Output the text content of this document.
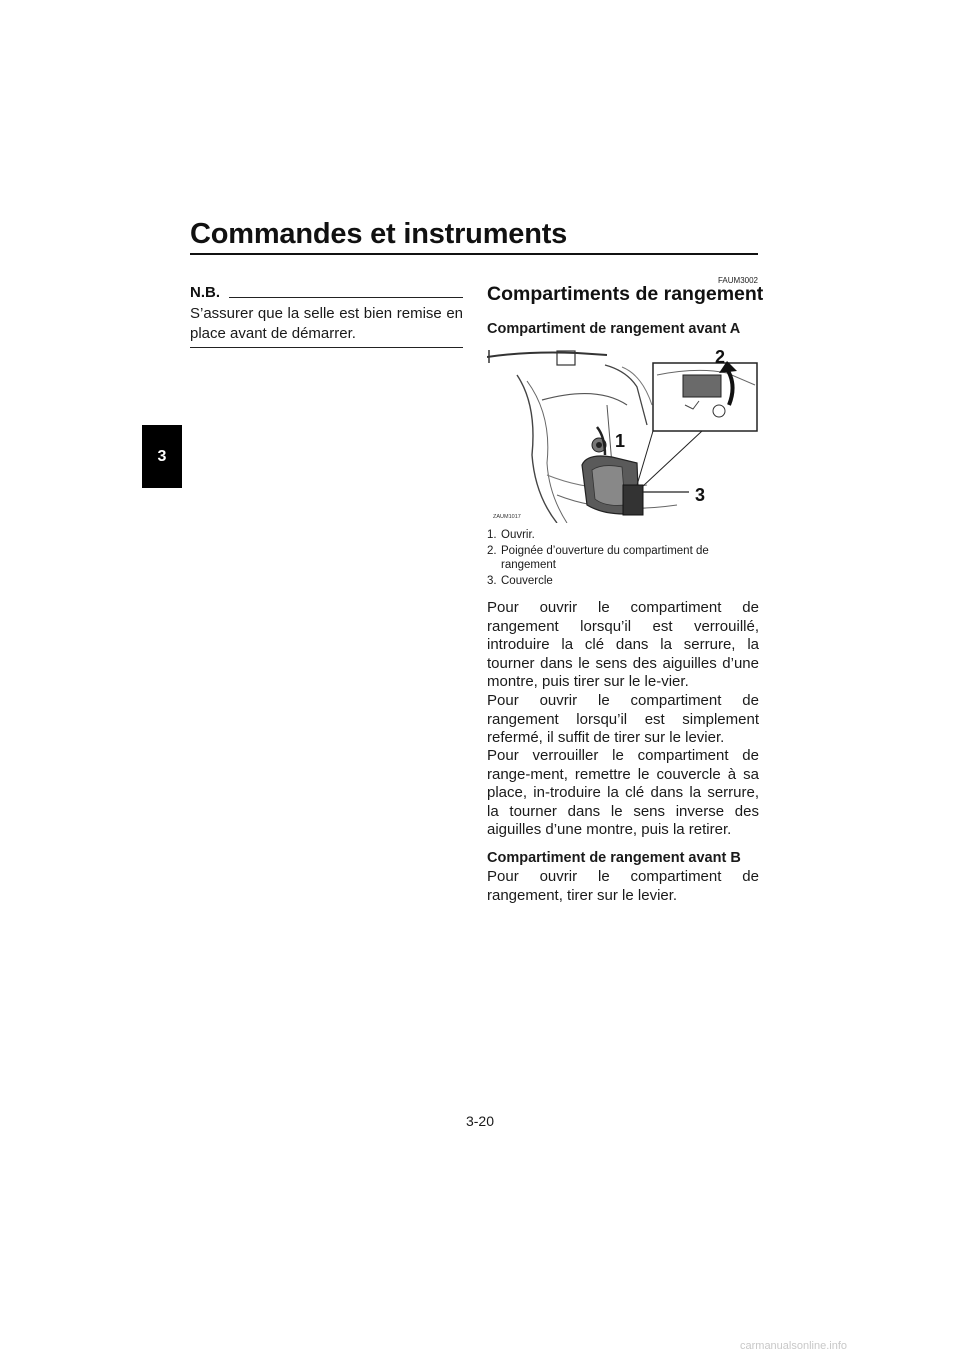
Commandes et instruments
3
N.B.
S’assurer que la selle est bien remise en place avant de démarrer.
FAUM3002
Compartiments de rangement
Compartiment de rangement avant A
2
1
3
ZAUM1017
1. Ouvrir.
2. Poignée d’ouverture du compartiment de rangement
3. Couvercle
Pour ouvrir le compartiment de rangement lorsqu’il est verrouillé, introduire la clé dans la serrure, la tourner dans le sens des aiguilles d’une montre, puis tirer sur le le-vier.
Pour ouvrir le compartiment de rangement lorsqu’il est simplement refermé, il suffit de tirer sur le levier.
Pour verrouiller le compartiment de range-ment, remettre le couvercle à sa place, in-troduire la clé dans la serrure, la tourner dans le sens inverse des aiguilles d’une montre, puis la retirer.
Compartiment de rangement avant B
Pour ouvrir le compartiment de rangement, tirer sur le levier.
3-20
carmanualsonline.info
